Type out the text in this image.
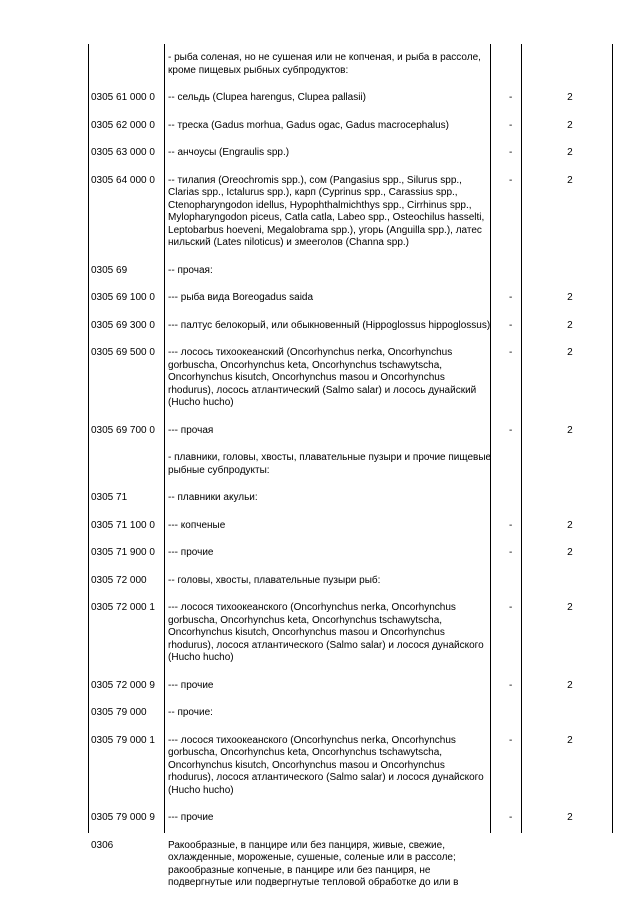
	- рыба соленая, но не сушеная или не копченая, и рыба в рассоле, кроме пищевых рыбных субпродуктов:		
0305 61 000 0	-- сельдь (Clupea harengus, Clupea pallasii)	-	2
0305 62 000 0	-- треска (Gadus morhua, Gadus ogac, Gadus macrocephalus)	-	2
0305 63 000 0	-- анчоусы (Engraulis spp.)	-	2
0305 64 000 0	-- тилапия (Oreochromis spp.), сом (Pangasius spp., Silurus spp., Clarias spp., Ictalurus spp.), карп (Cyprinus spp., Carassius spp., Ctenopharyngodon idellus, Hypophthalmichthys spp., Cirrhinus spp., Mylopharyngodon piceus, Catla catla, Labeo spp., Osteochilus hasselti, Leptobarbus hoeveni, Megalobrama spp.), угорь (Anguilla spp.), латес нильский (Lates niloticus) и змееголов (Channa spp.)	-	2
0305 69	-- прочая:		
0305 69 100 0	--- рыба вида Boreogadus saida	-	2
0305 69 300 0	--- палтус белокорый, или обыкновенный (Hippoglossus hippoglossus)	-	2
0305 69 500 0	--- лосось тихоокеанский (Oncorhynchus nerka, Oncorhynchus gorbuscha, Oncorhynchus keta, Oncorhynchus tschawytscha, Oncorhynchus kisutch, Oncorhynchus masou и Oncorhynchus rhodurus), лосось атлантический (Salmo salar) и лосось дунайский (Hucho hucho)	-	2
0305 69 700 0	--- прочая	-	2
	- плавники, головы, хвосты, плавательные пузыри и прочие пищевые рыбные субпродукты:		
0305 71	-- плавники акульи:		
0305 71 100 0	--- копченые	-	2
0305 71 900 0	--- прочие	-	2
0305 72 000	-- головы, хвосты, плавательные пузыри рыб:		
0305 72 000 1	--- лосося тихоокеанского (Oncorhynchus nerka, Oncorhynchus gorbuscha, Oncorhynchus keta, Oncorhynchus tschawytscha, Oncorhynchus kisutch, Oncorhynchus masou и Oncorhynchus rhodurus), лосося атлантического (Salmo salar) и лосося дунайского (Hucho hucho)	-	2
0305 72 000 9	--- прочие	-	2
0305 79 000	-- прочие:		
0305 79 000 1	--- лосося тихоокеанского (Oncorhynchus nerka, Oncorhynchus gorbuscha, Oncorhynchus keta, Oncorhynchus tschawytscha, Oncorhynchus kisutch, Oncorhynchus masou и Oncorhynchus rhodurus), лосося атлантического (Salmo salar) и лосося дунайского (Hucho hucho)	-	2
0305 79 000 9	--- прочие	-	2
0306	Ракообразные, в панцире или без панциря, живые, свежие, охлажденные, мороженые, сушеные, соленые или в рассоле; ракообразные копченые, в панцире или без панциря, не подвергнутые или подвергнутые тепловой обработке до или в		
